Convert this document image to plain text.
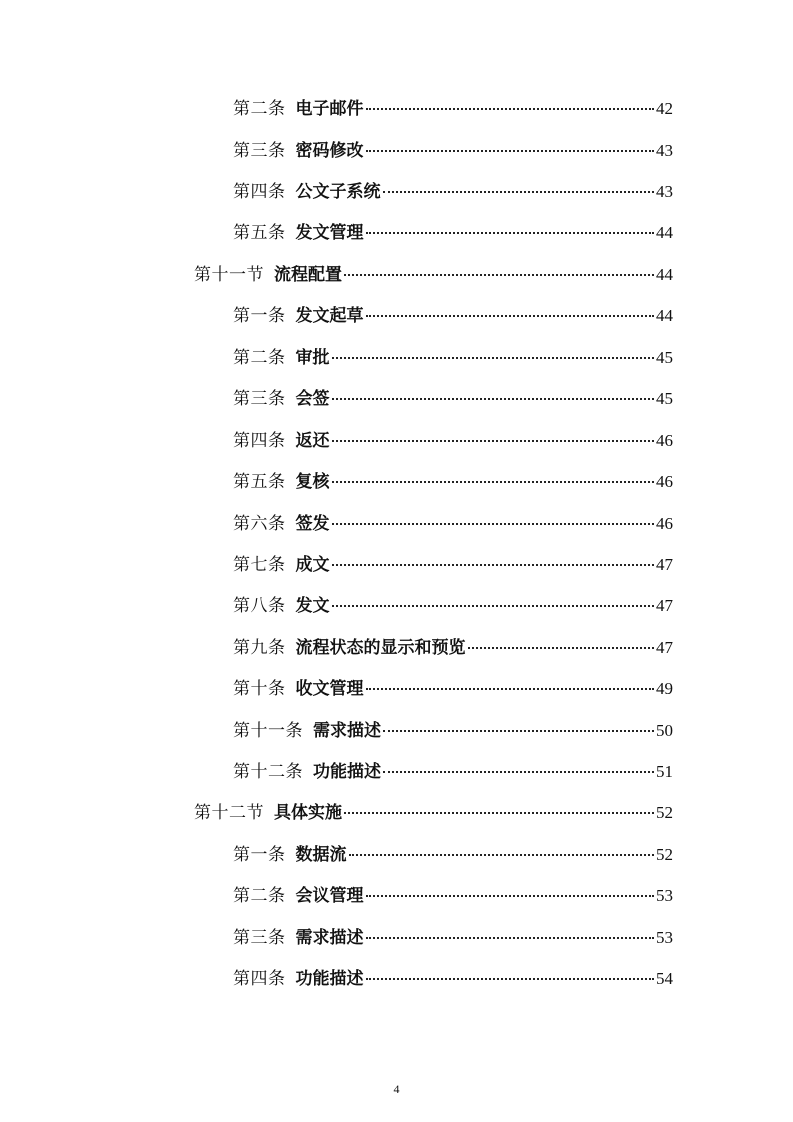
第二条 电子邮件	42
第三条 密码修改	43
第四条 公文子系统	43
第五条 发文管理	44
第十一节 流程配置	44
第一条 发文起草	44
第二条 审批	45
第三条 会签	45
第四条 返还	46
第五条 复核	46
第六条 签发	46
第七条 成文	47
第八条 发文	47
第九条 流程状态的显示和预览	47
第十条 收文管理	49
第十一条 需求描述	50
第十二条 功能描述	51
第十二节 具体实施	52
第一条 数据流	52
第二条 会议管理	53
第三条 需求描述	53
第四条 功能描述	54
4
